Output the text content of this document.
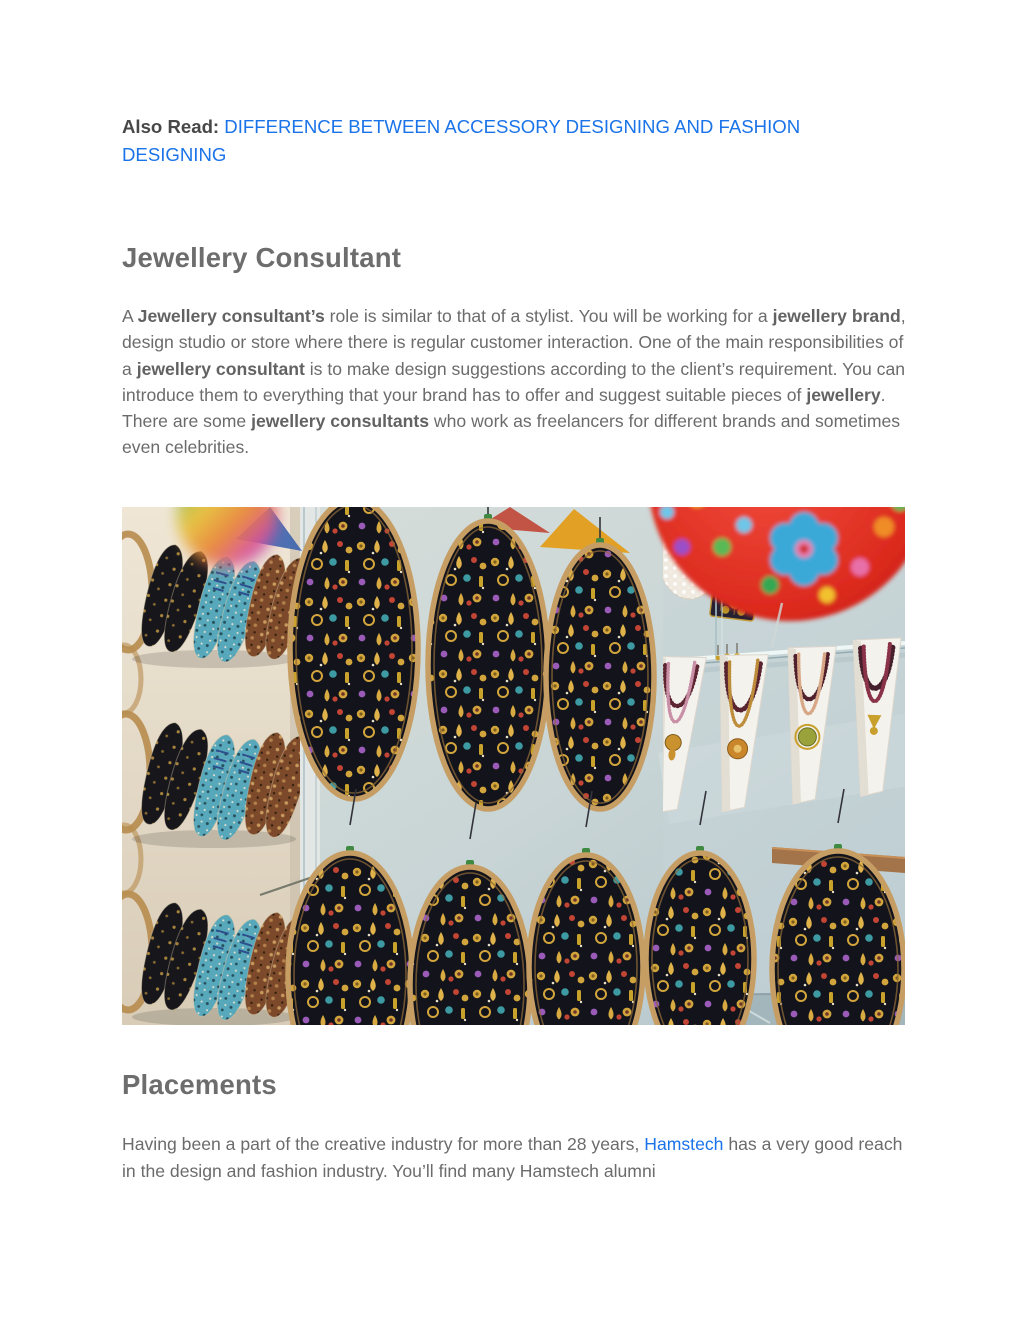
Also Read: DIFFERENCE BETWEEN ACCESSORY DESIGNING AND FASHION DESIGNING

Jewellery Consultant

A Jewellery consultant’s role is similar to that of a stylist. You will be working for a jewellery brand, design studio or store where there is regular customer interaction. One of the main responsibilities of a jewellery consultant is to make design suggestions according to the client’s requirement. You can introduce them to everything that your brand has to offer and suggest suitable pieces of jewellery. There are some jewellery consultants who work as freelancers for different brands and sometimes even celebrities.

Placements

Having been a part of the creative industry for more than 28 years, Hamstech has a very good reach in the design and fashion industry. You’ll find many Hamstech alumni
